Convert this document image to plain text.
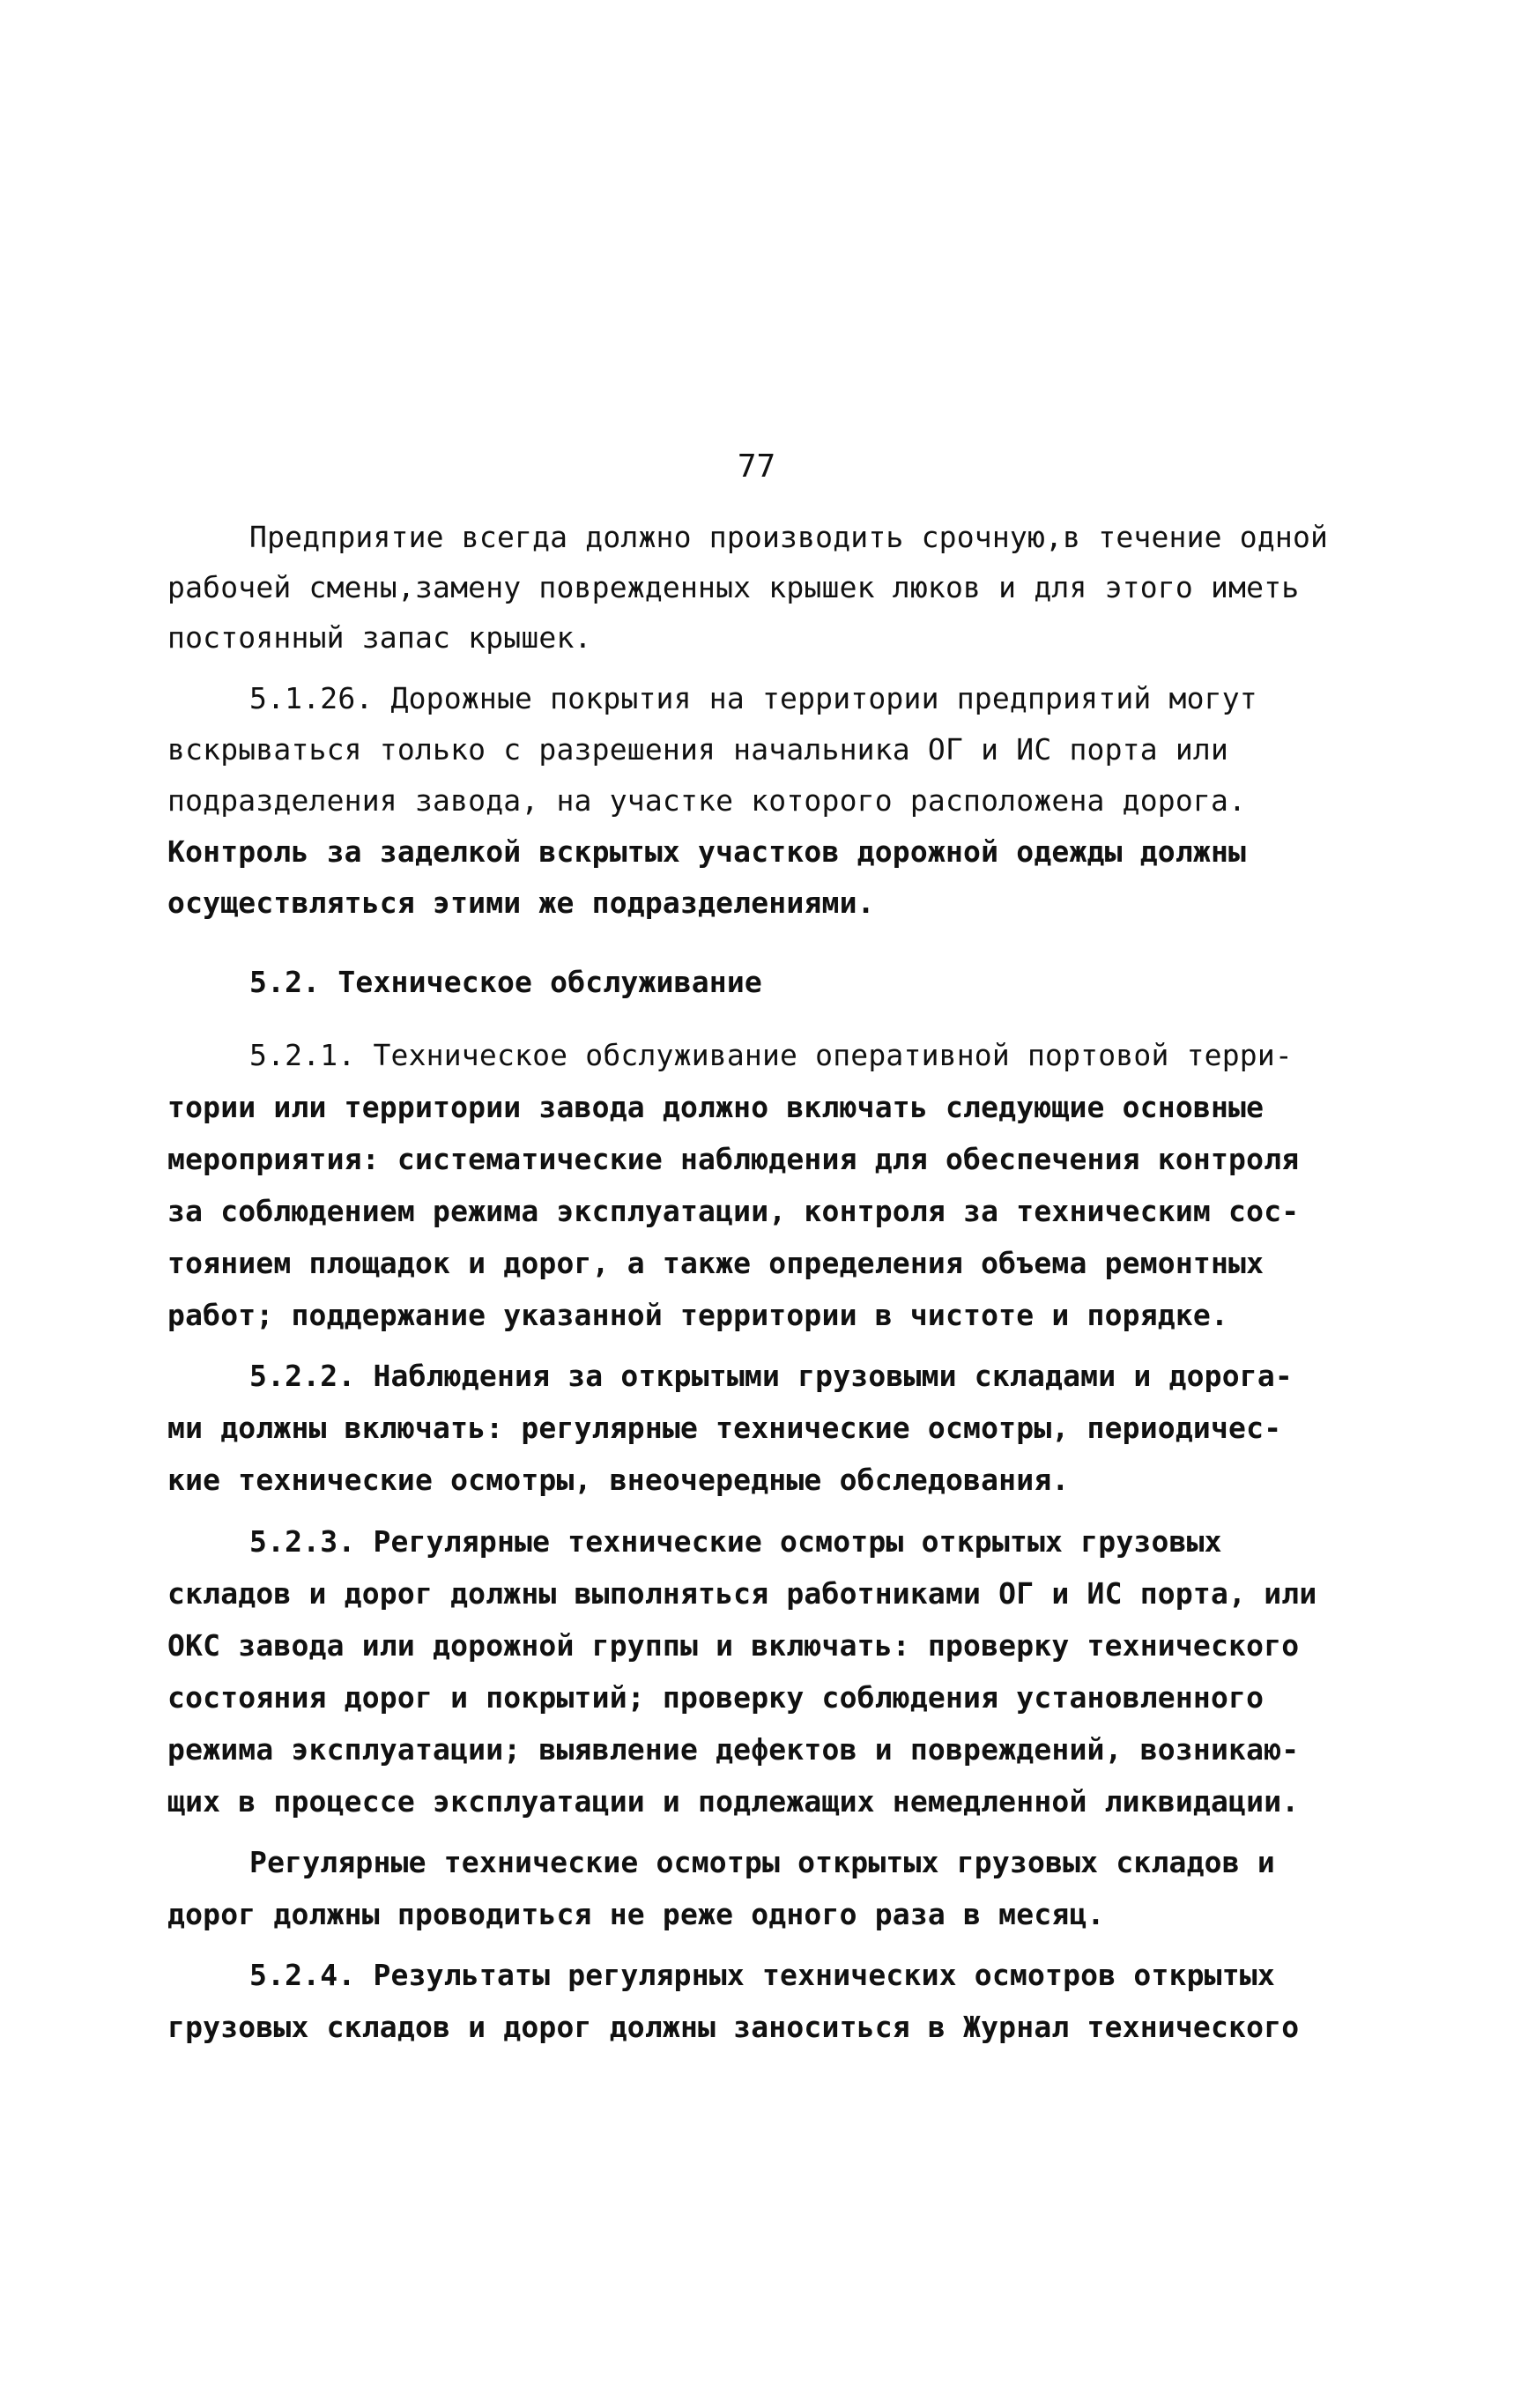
77
Предприятие всегда должно производить срочную,в течение одной
рабочей смены,замену поврежденных крышек люков и для этого иметь
постоянный запас крышек.
5.1.26. Дорожные покрытия на территории предприятий могут
вскрываться только с разрешения начальника ОГ и ИС порта или
подразделения завода, на участке которого расположена дорога.
Контроль за заделкой вскрытых участков дорожной одежды должны
осуществляться этими же подразделениями.
5.2. Техническое обслуживание
5.2.1. Техническое обслуживание оперативной портовой терри-
тории или территории завода должно включать следующие основные
мероприятия: систематические наблюдения для обеспечения контроля
за соблюдением режима эксплуатации, контроля за техническим сос-
тоянием площадок и дорог, а также определения объема ремонтных
работ; поддержание указанной территории в чистоте и порядке.
5.2.2. Наблюдения за открытыми грузовыми складами и дорога-
ми должны включать: регулярные технические осмотры, периодичес-
кие технические осмотры, внеочередные обследования.
5.2.3. Регулярные технические осмотры открытых грузовых
складов и дорог должны выполняться работниками ОГ и ИС порта, или
ОКС завода или дорожной группы и включать: проверку технического
состояния дорог и покрытий; проверку соблюдения установленного
режима эксплуатации; выявление дефектов и повреждений, возникаю-
щих в процессе эксплуатации и подлежащих немедленной ликвидации.
Регулярные технические осмотры открытых грузовых складов и
дорог должны проводиться не реже одного раза в месяц.
5.2.4. Результаты регулярных технических осмотров открытых
грузовых складов и дорог должны заноситься в Журнал технического
